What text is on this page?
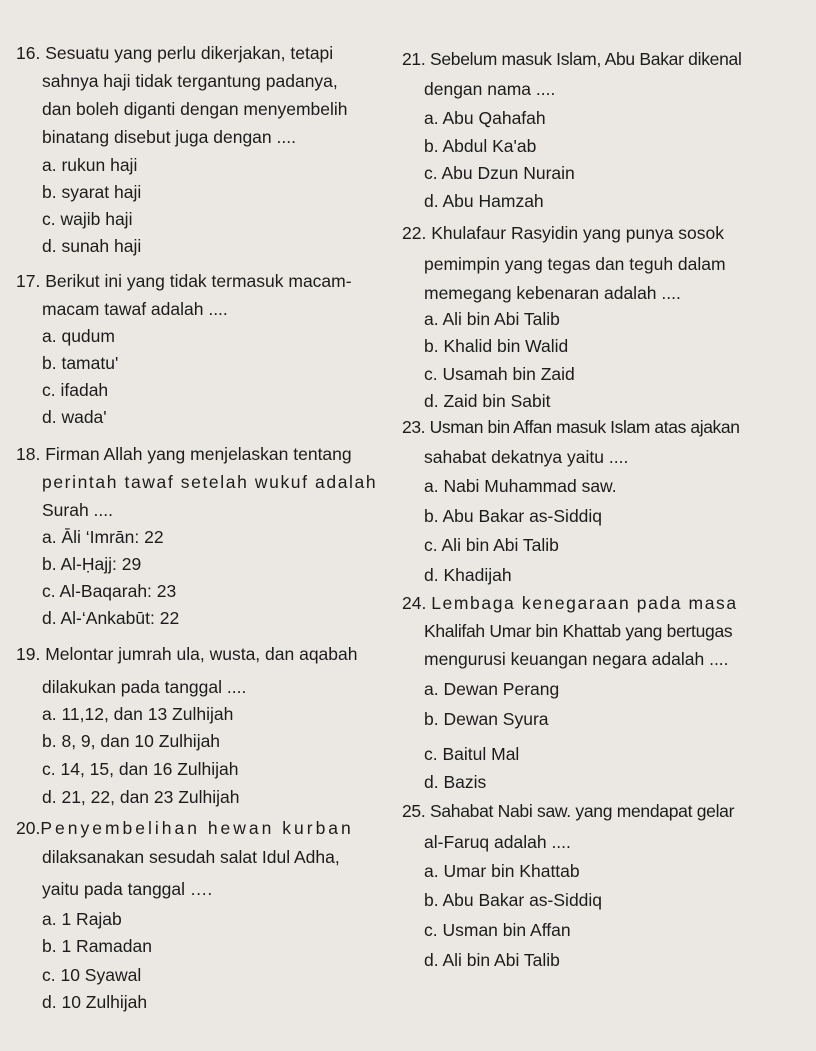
16. Sesuatu yang perlu dikerjakan, tetapi
sahnya haji tidak tergantung padanya,
dan boleh diganti dengan menyembelih
binatang disebut juga dengan ....
a. rukun haji
b. syarat haji
c. wajib haji
d. sunah haji
17. Berikut ini yang tidak termasuk macam-
macam tawaf adalah ....
a. qudum
b. tamatu'
c. ifadah
d. wada'
18. Firman Allah yang menjelaskan tentang
perintah tawaf setelah wukuf adalah
Surah ....
a. Āli ‘Imrān: 22
b. Al-Ḥajj: 29
c. Al-Baqarah: 23
d. Al-‘Ankabūt: 22
19. Melontar jumrah ula, wusta, dan aqabah
dilakukan pada tanggal ....
a. 11,12, dan 13 Zulhijah
b. 8, 9, dan 10 Zulhijah
c. 14, 15, dan 16 Zulhijah
d. 21, 22, dan 23 Zulhijah
20.Penyembelihan hewan kurban
dilaksanakan sesudah salat Idul Adha,
yaitu pada tanggal ….
a. 1 Rajab
b. 1 Ramadan
c. 10 Syawal
d. 10 Zulhijah
21. Sebelum masuk Islam, Abu Bakar dikenal
dengan nama ....
a. Abu Qahafah
b. Abdul Ka'ab
c. Abu Dzun Nurain
d. Abu Hamzah
22. Khulafaur Rasyidin yang punya sosok
pemimpin yang tegas dan teguh dalam
memegang kebenaran adalah ....
a. Ali bin Abi Talib
b. Khalid bin Walid
c. Usamah bin Zaid
d. Zaid bin Sabit
23. Usman bin Affan masuk Islam atas ajakan
sahabat dekatnya yaitu ....
a. Nabi Muhammad saw.
b. Abu Bakar as-Siddiq
c. Ali bin Abi Talib
d. Khadijah
24. Lembaga kenegaraan pada masa
Khalifah Umar bin Khattab yang bertugas
mengurusi keuangan negara adalah ....
a. Dewan Perang
b. Dewan Syura
c. Baitul Mal
d. Bazis
25. Sahabat Nabi saw. yang mendapat gelar
al-Faruq adalah ....
a. Umar bin Khattab
b. Abu Bakar as-Siddiq
c. Usman bin Affan
d. Ali bin Abi Talib
